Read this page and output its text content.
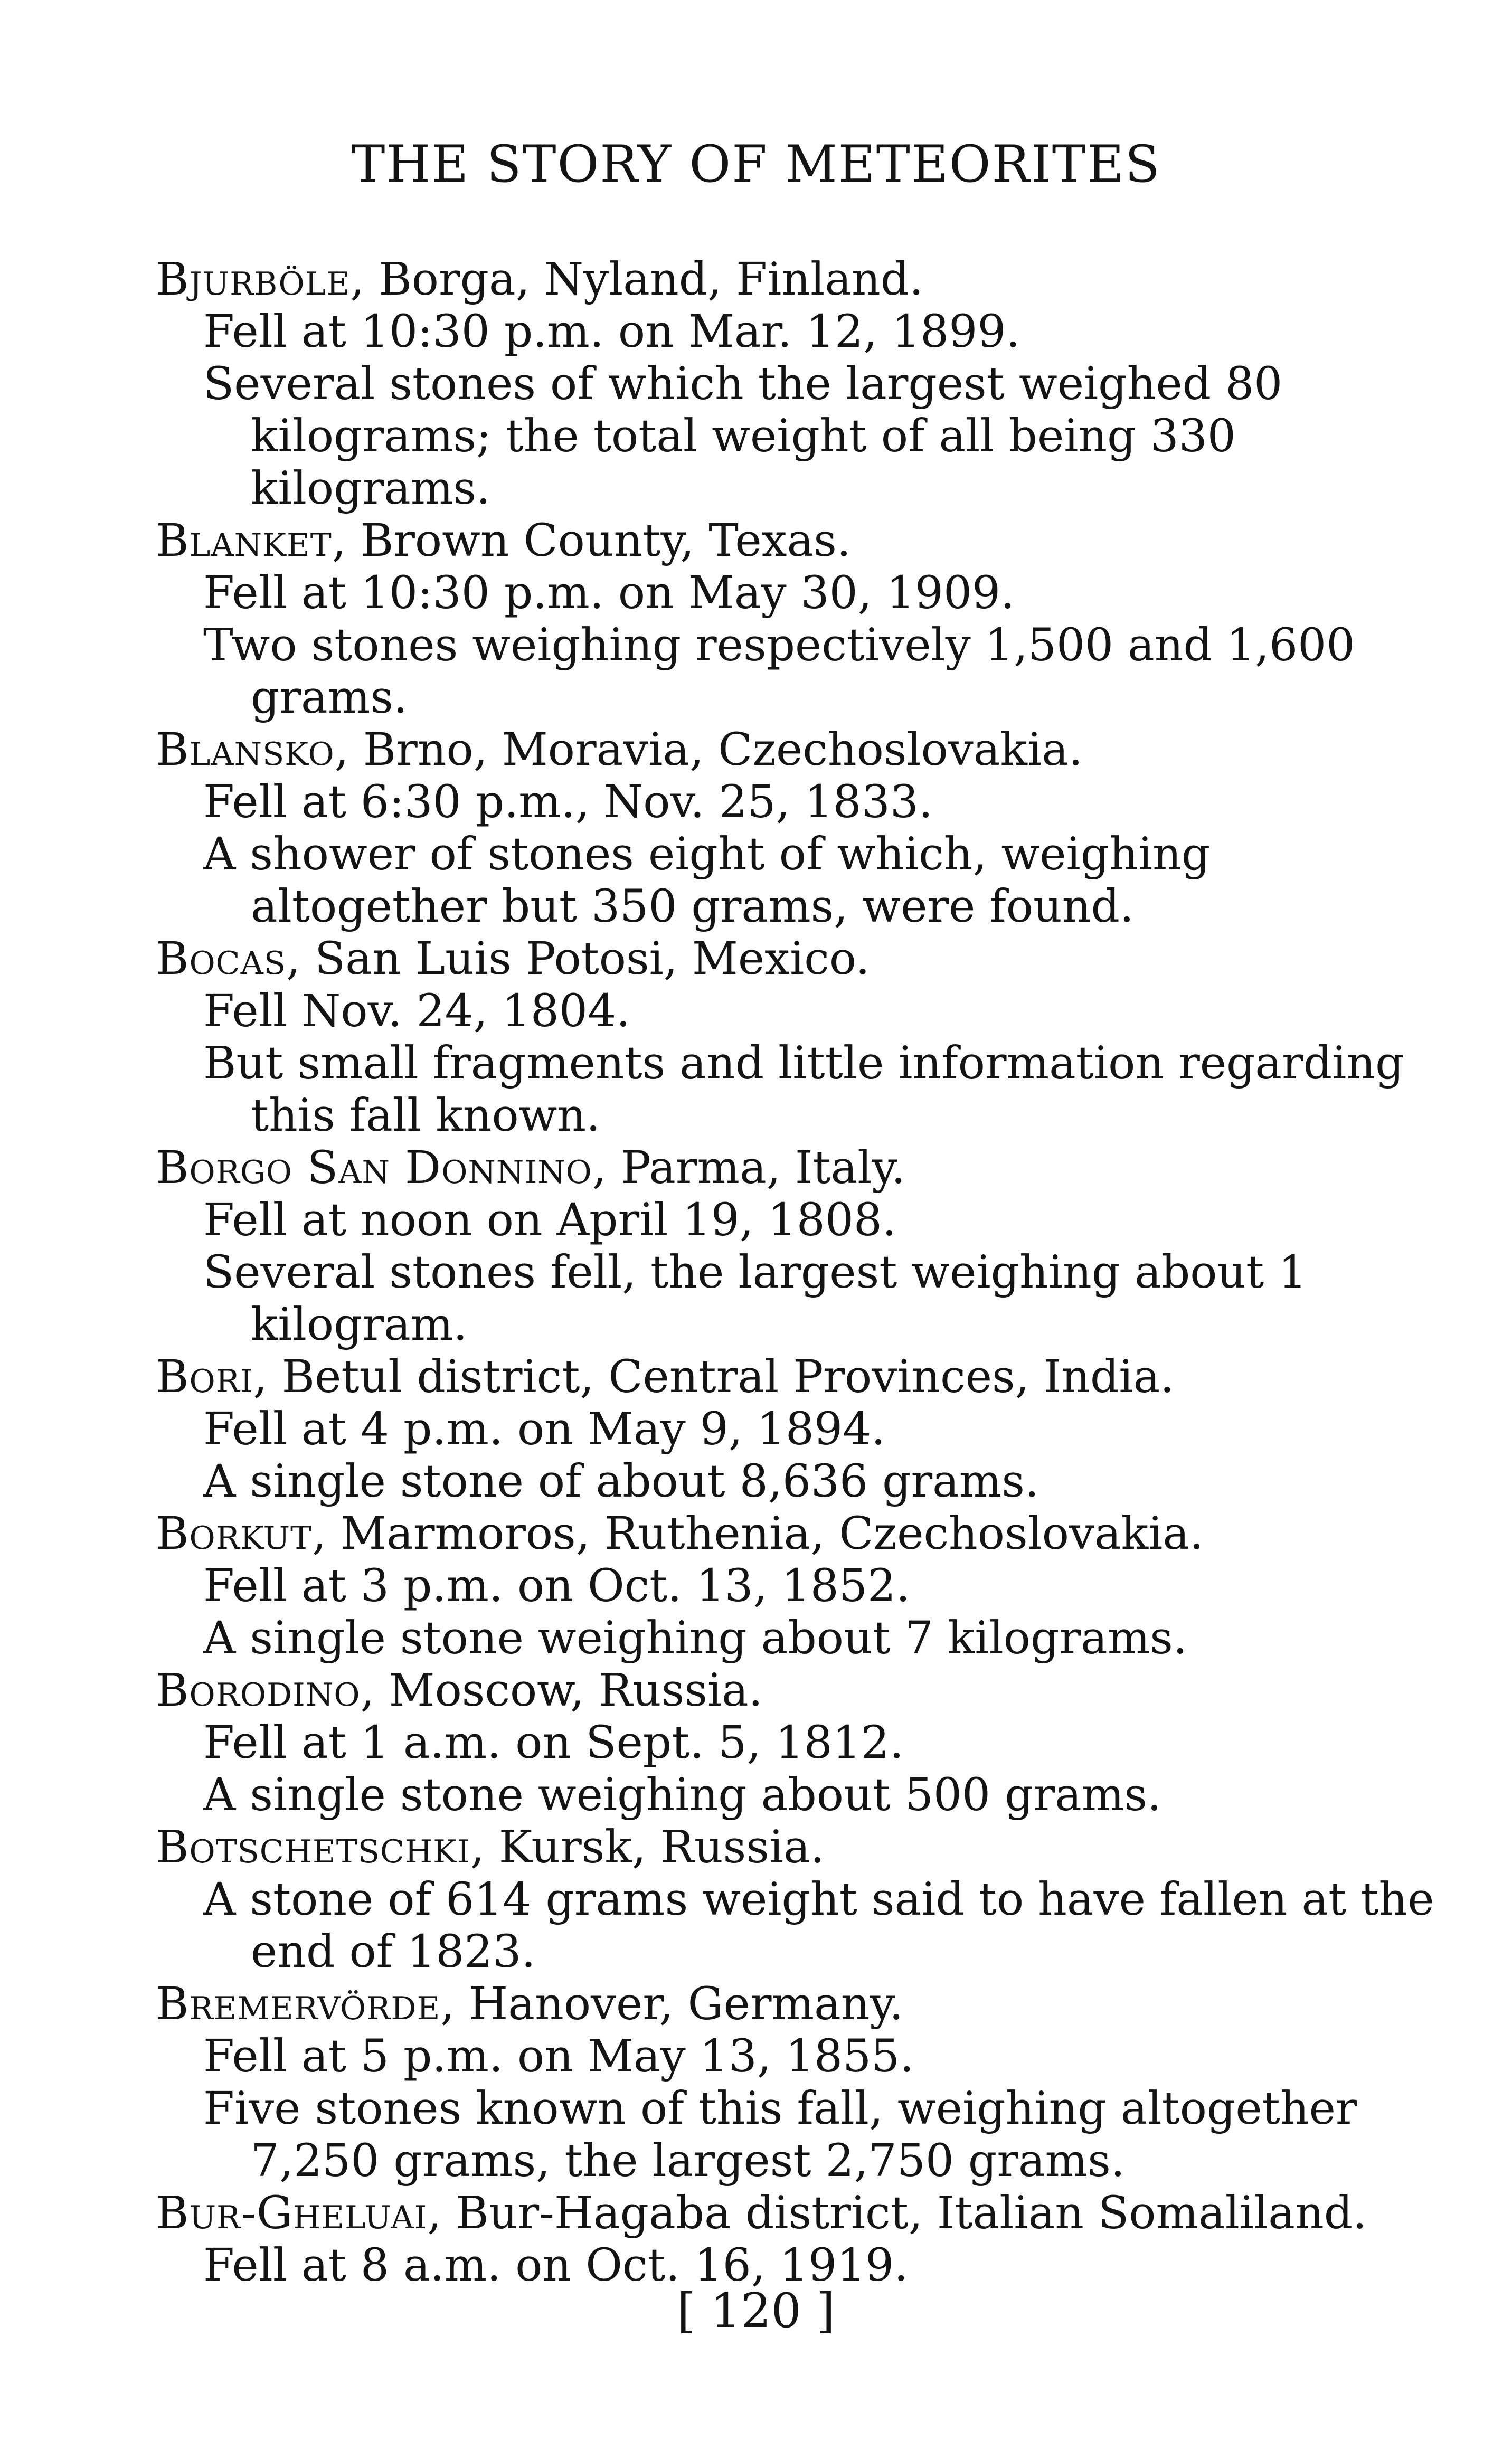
THE STORY OF METEORITES

Bjurböle, Borga, Nyland, Finland.

Fell at 10:30 p.m. on Mar. 12, 1899.

Several stones of which the largest weighed 80 kilograms; the total weight of all being 330 kilograms.

Blanket, Brown County, Texas.

Fell at 10:30 p.m. on May 30, 1909.

Two stones weighing respectively 1,500 and 1,600 grams.

Blansko, Brno, Moravia, Czechoslovakia.

Fell at 6:30 p.m., Nov. 25, 1833.

A shower of stones eight of which, weighing altogether but 350 grams, were found.

Bocas, San Luis Potosi, Mexico.

Fell Nov. 24, 1804.

But small fragments and little information regarding this fall known.

Borgo San Donnino, Parma, Italy.

Fell at noon on April 19, 1808.

Several stones fell, the largest weighing about 1 kilogram.

Bori, Betul district, Central Provinces, India.

Fell at 4 p.m. on May 9, 1894.

A single stone of about 8,636 grams.

Borkut, Marmoros, Ruthenia, Czechoslovakia.

Fell at 3 p.m. on Oct. 13, 1852.

A single stone weighing about 7 kilograms.

Borodino, Moscow, Russia.

Fell at 1 a.m. on Sept. 5, 1812.

A single stone weighing about 500 grams.

Botschetschki, Kursk, Russia.

A stone of 614 grams weight said to have fallen at the end of 1823.

Bremervörde, Hanover, Germany.

Fell at 5 p.m. on May 13, 1855.

Five stones known of this fall, weighing altogether 7,250 grams, the largest 2,750 grams.

Bur-Gheluai, Bur-Hagaba district, Italian Somaliland.

Fell at 8 a.m. on Oct. 16, 1919.

[ 120 ]
